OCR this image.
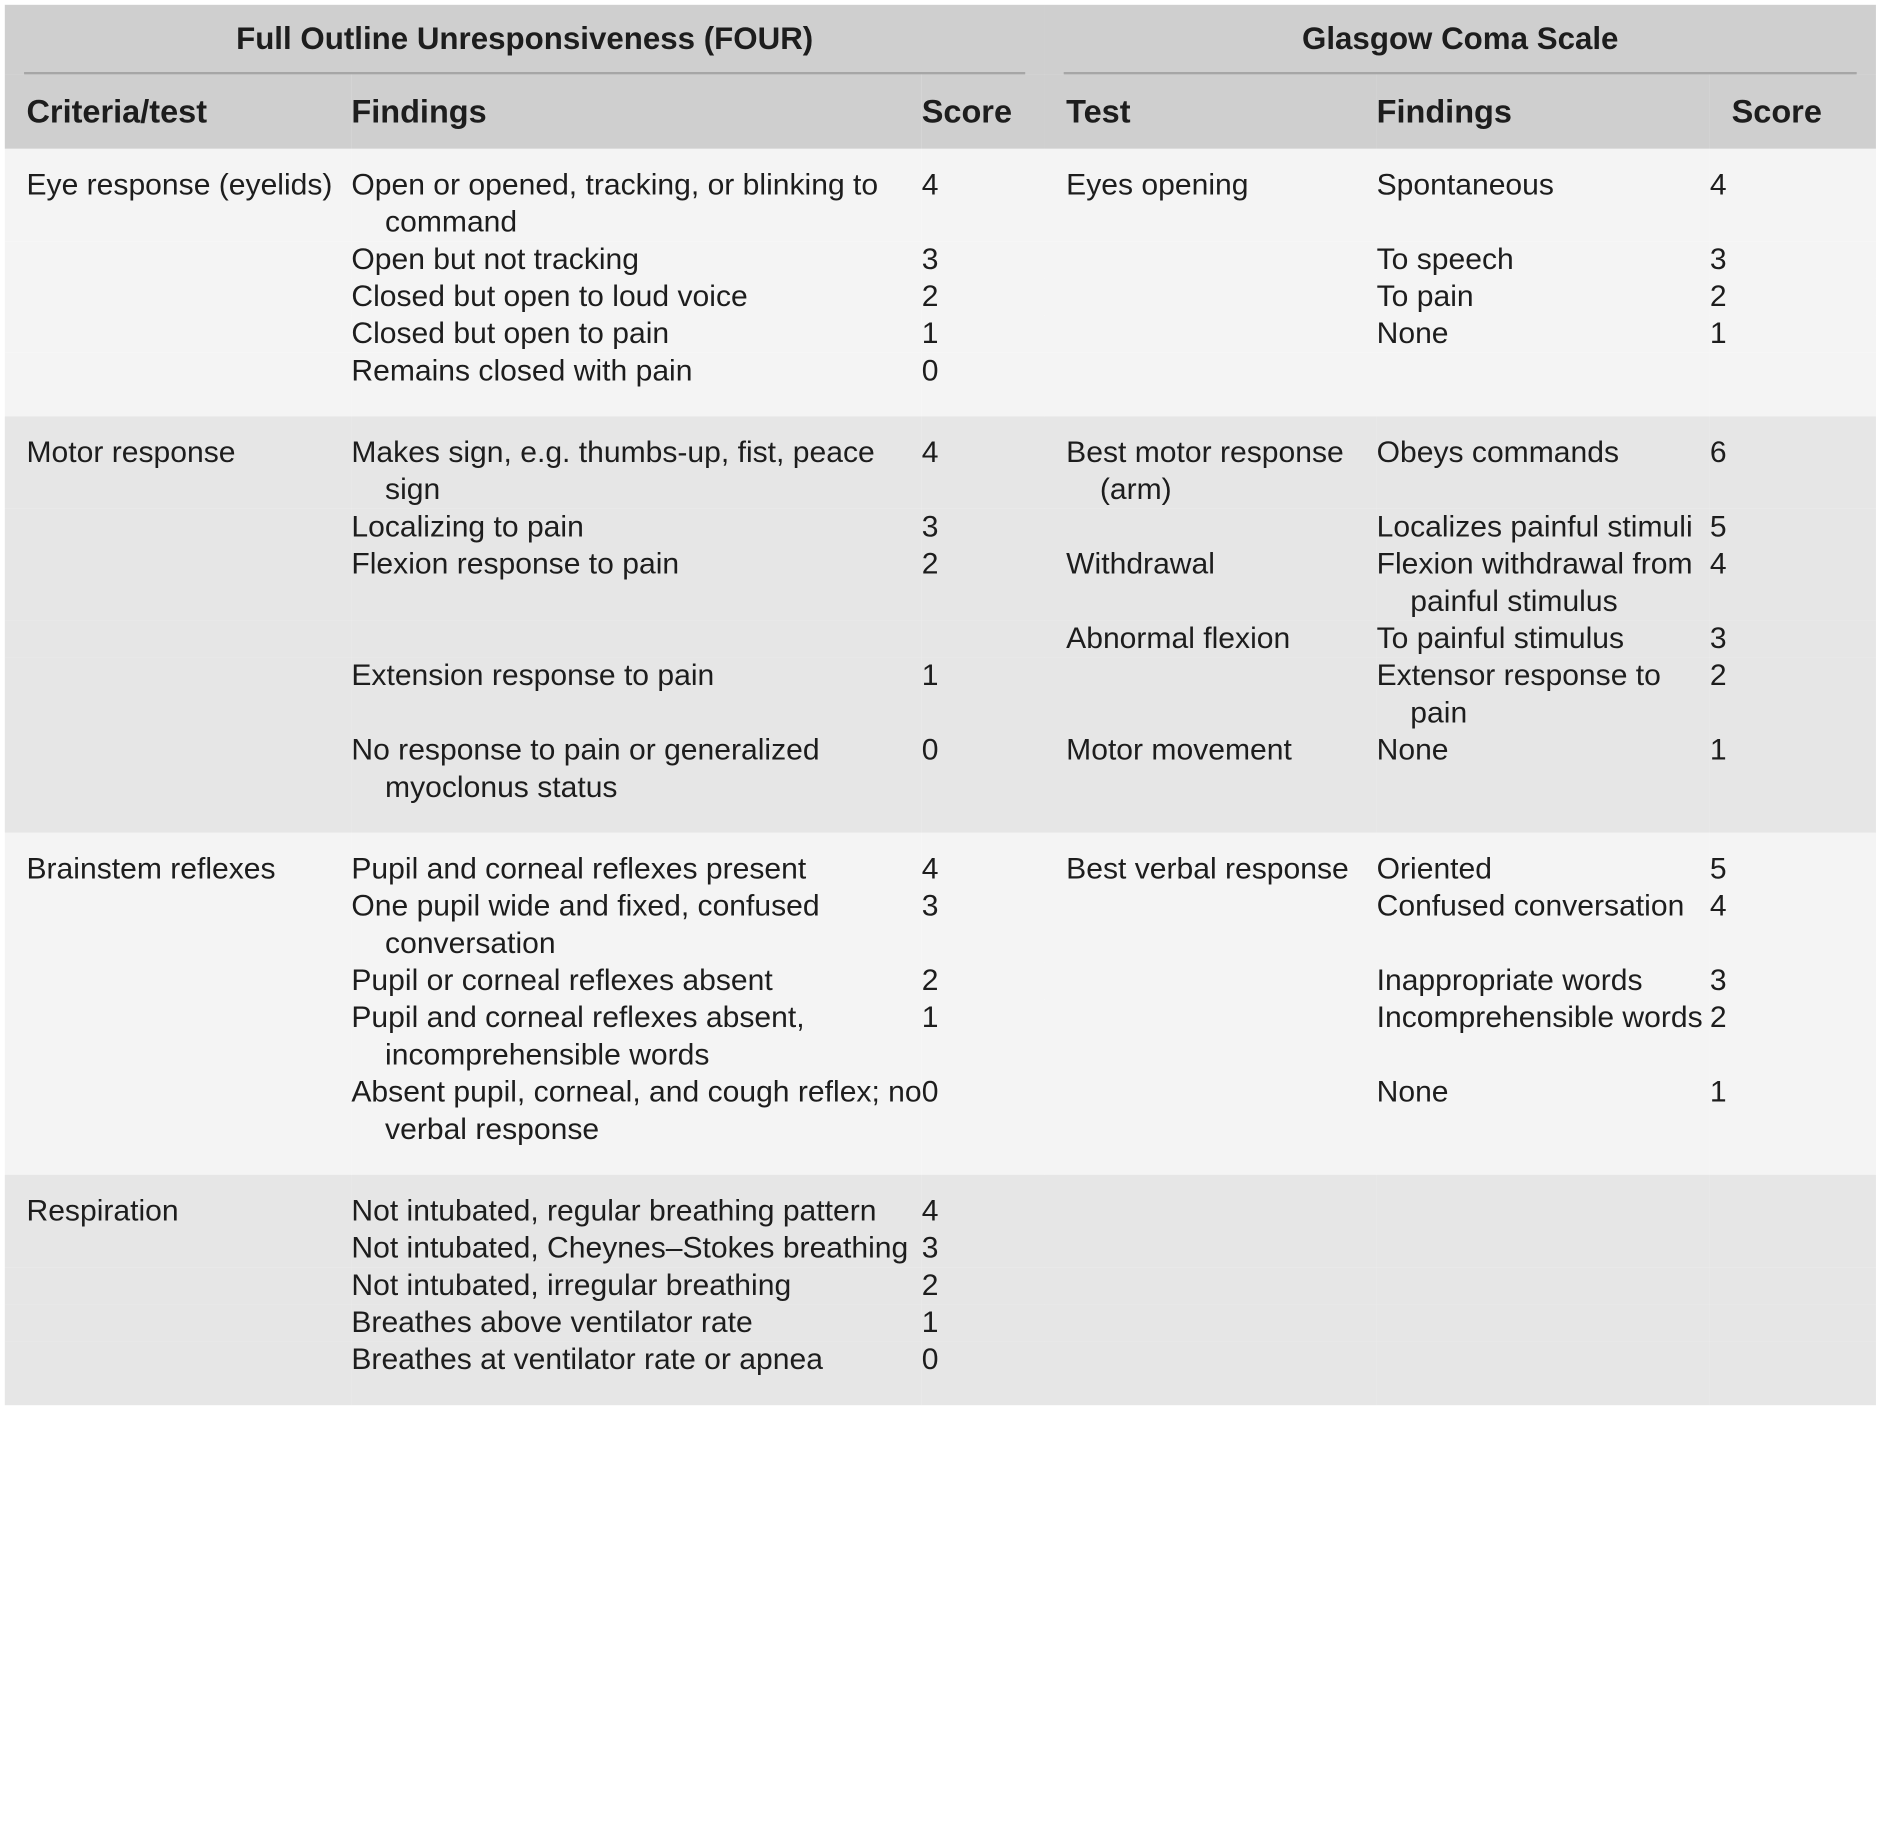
Full Outline Unresponsiveness (FOUR)			Glasgow Coma Scale		

Criteria/test	Findings	Score	Test	Findings	Score
Eye response (eyelids)	Open or opened, tracking, or blinking to command	4	Eyes opening	Spontaneous	4

	Open but not tracking	3		To speech	3

	Closed but open to loud voice	2		To pain	2

	Closed but open to pain	1		None	1

	Remains closed with pain	0	

Motor response	Makes sign, e.g. thumbs-up, fist, peace sign	4	Best motor response (arm)	Obeys commands	6

	Localizing to pain	3		Localizes painful stimuli	5

	Flexion response to pain	2	Withdrawal	Flexion withdrawal from painful stimulus	4

			Abnormal flexion	To painful stimulus	3

	Extension response to pain	1		Extensor response to pain	2

	No response to pain or generalized myoclonus status	0	Motor movement	None	1
Brainstem reflexes	Pupil and corneal reflexes present	4	Best verbal response	Oriented	5

	One pupil wide and fixed, confused conversation	3		Confused conversation	4

	Pupil or corneal reflexes absent	2		Inappropriate words	3

	Pupil and corneal reflexes absent, incomprehensible words	1		Incomprehensible words	2

	Absent pupil, corneal, and cough reflex; no verbal response	0		None	1
Respiration	Not intubated, regular breathing pattern	4	

	Not intubated, Cheynes–Stokes breathing	3	

	Not intubated, irregular breathing	2	

	Breathes above ventilator rate	1	

	Breathes at ventilator rate or apnea	0	
